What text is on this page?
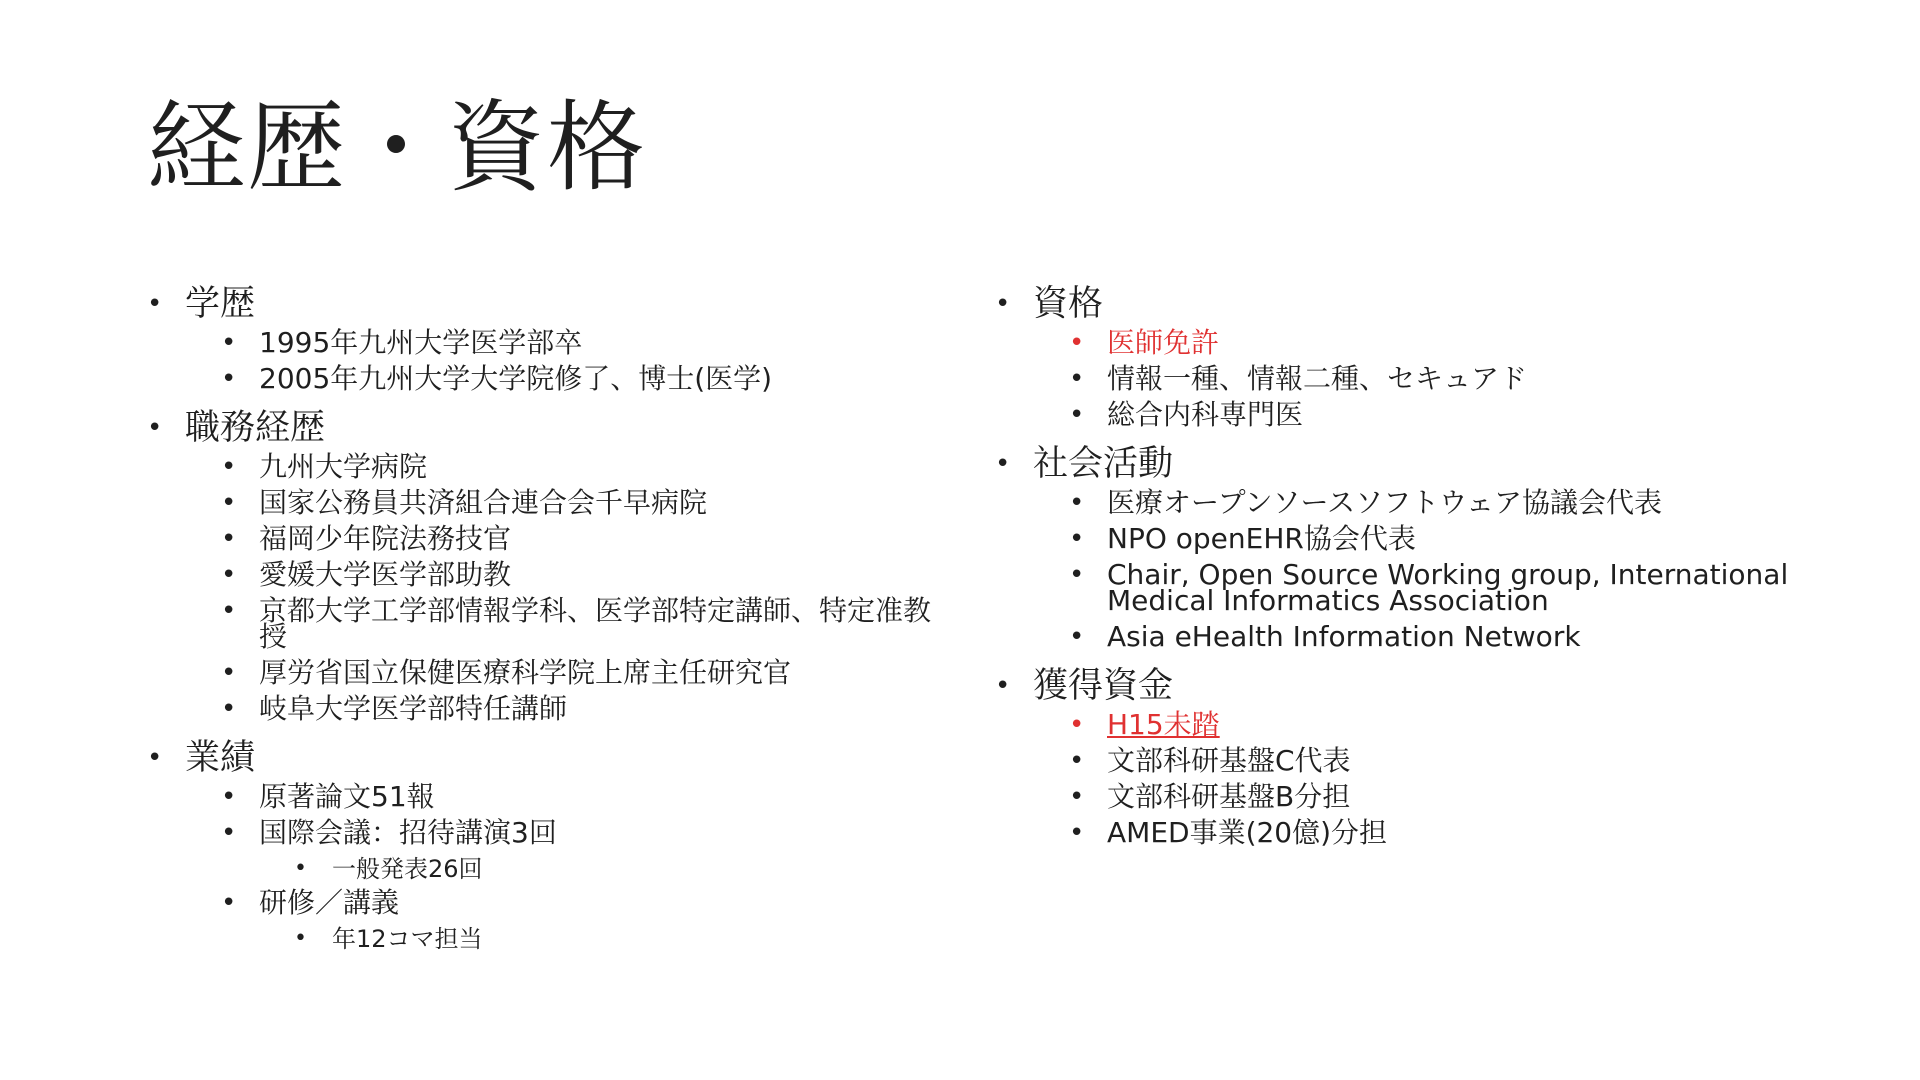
経歴・資格
• 学歴
• 1995年九州大学医学部卒
• 2005年九州大学大学院修了、博士(医学)
• 職務経歴
• 九州大学病院
• 国家公務員共済組合連合会千早病院
• 福岡少年院法務技官
• 愛媛大学医学部助教
• 京都大学工学部情報学科、医学部特定講師、特定准教授
• 厚労省国立保健医療科学院上席主任研究官
• 岐阜大学医学部特任講師
• 業績
• 原著論文51報
• 国際会議：招待講演3回
• 一般発表26回
• 研修／講義
• 年12コマ担当
• 資格
• 医師免許
• 情報一種、情報二種、セキュアド
• 総合内科専門医
• 社会活動
• 医療オープンソースソフトウェア協議会代表
• NPO openEHR協会代表
• Chair, Open Source Working group, International Medical Informatics Association
• Asia eHealth Information Network
• 獲得資金
• H15未踏
• 文部科研基盤C代表
• 文部科研基盤B分担
• AMED事業(20億)分担
